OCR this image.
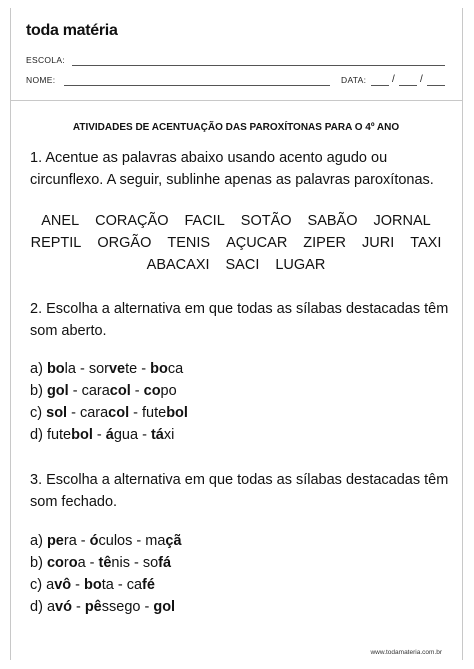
toda matéria
ESCOLA:
NOME:	DATA:	/ /
ATIVIDADES DE ACENTUAÇÃO DAS PAROXÍTONAS PARA O 4º ANO
1. Acentue as palavras abaixo usando acento agudo ou circunflexo. A seguir, sublinhe apenas as palavras paroxítonas.
ANEL CORAÇÃO FACIL SOTÃO SABÃO JORNAL
REPTIL ORGÃO TENIS AÇUCAR ZIPER JURI TAXI
ABACAXI SACI LUGAR
2. Escolha a alternativa em que todas as sílabas destacadas têm som aberto.
a) bola - sorvete - boca
b) gol - caracol - copo
c) sol - caracol - futebol
d) futebol - água - táxi
3. Escolha a alternativa em que todas as sílabas destacadas têm som fechado.
a) pera - óculos - maçã
b) coroa - tênis - sofá
c) avô - bota - café
d) avó - pêssego - gol
www.todamateria.com.br
